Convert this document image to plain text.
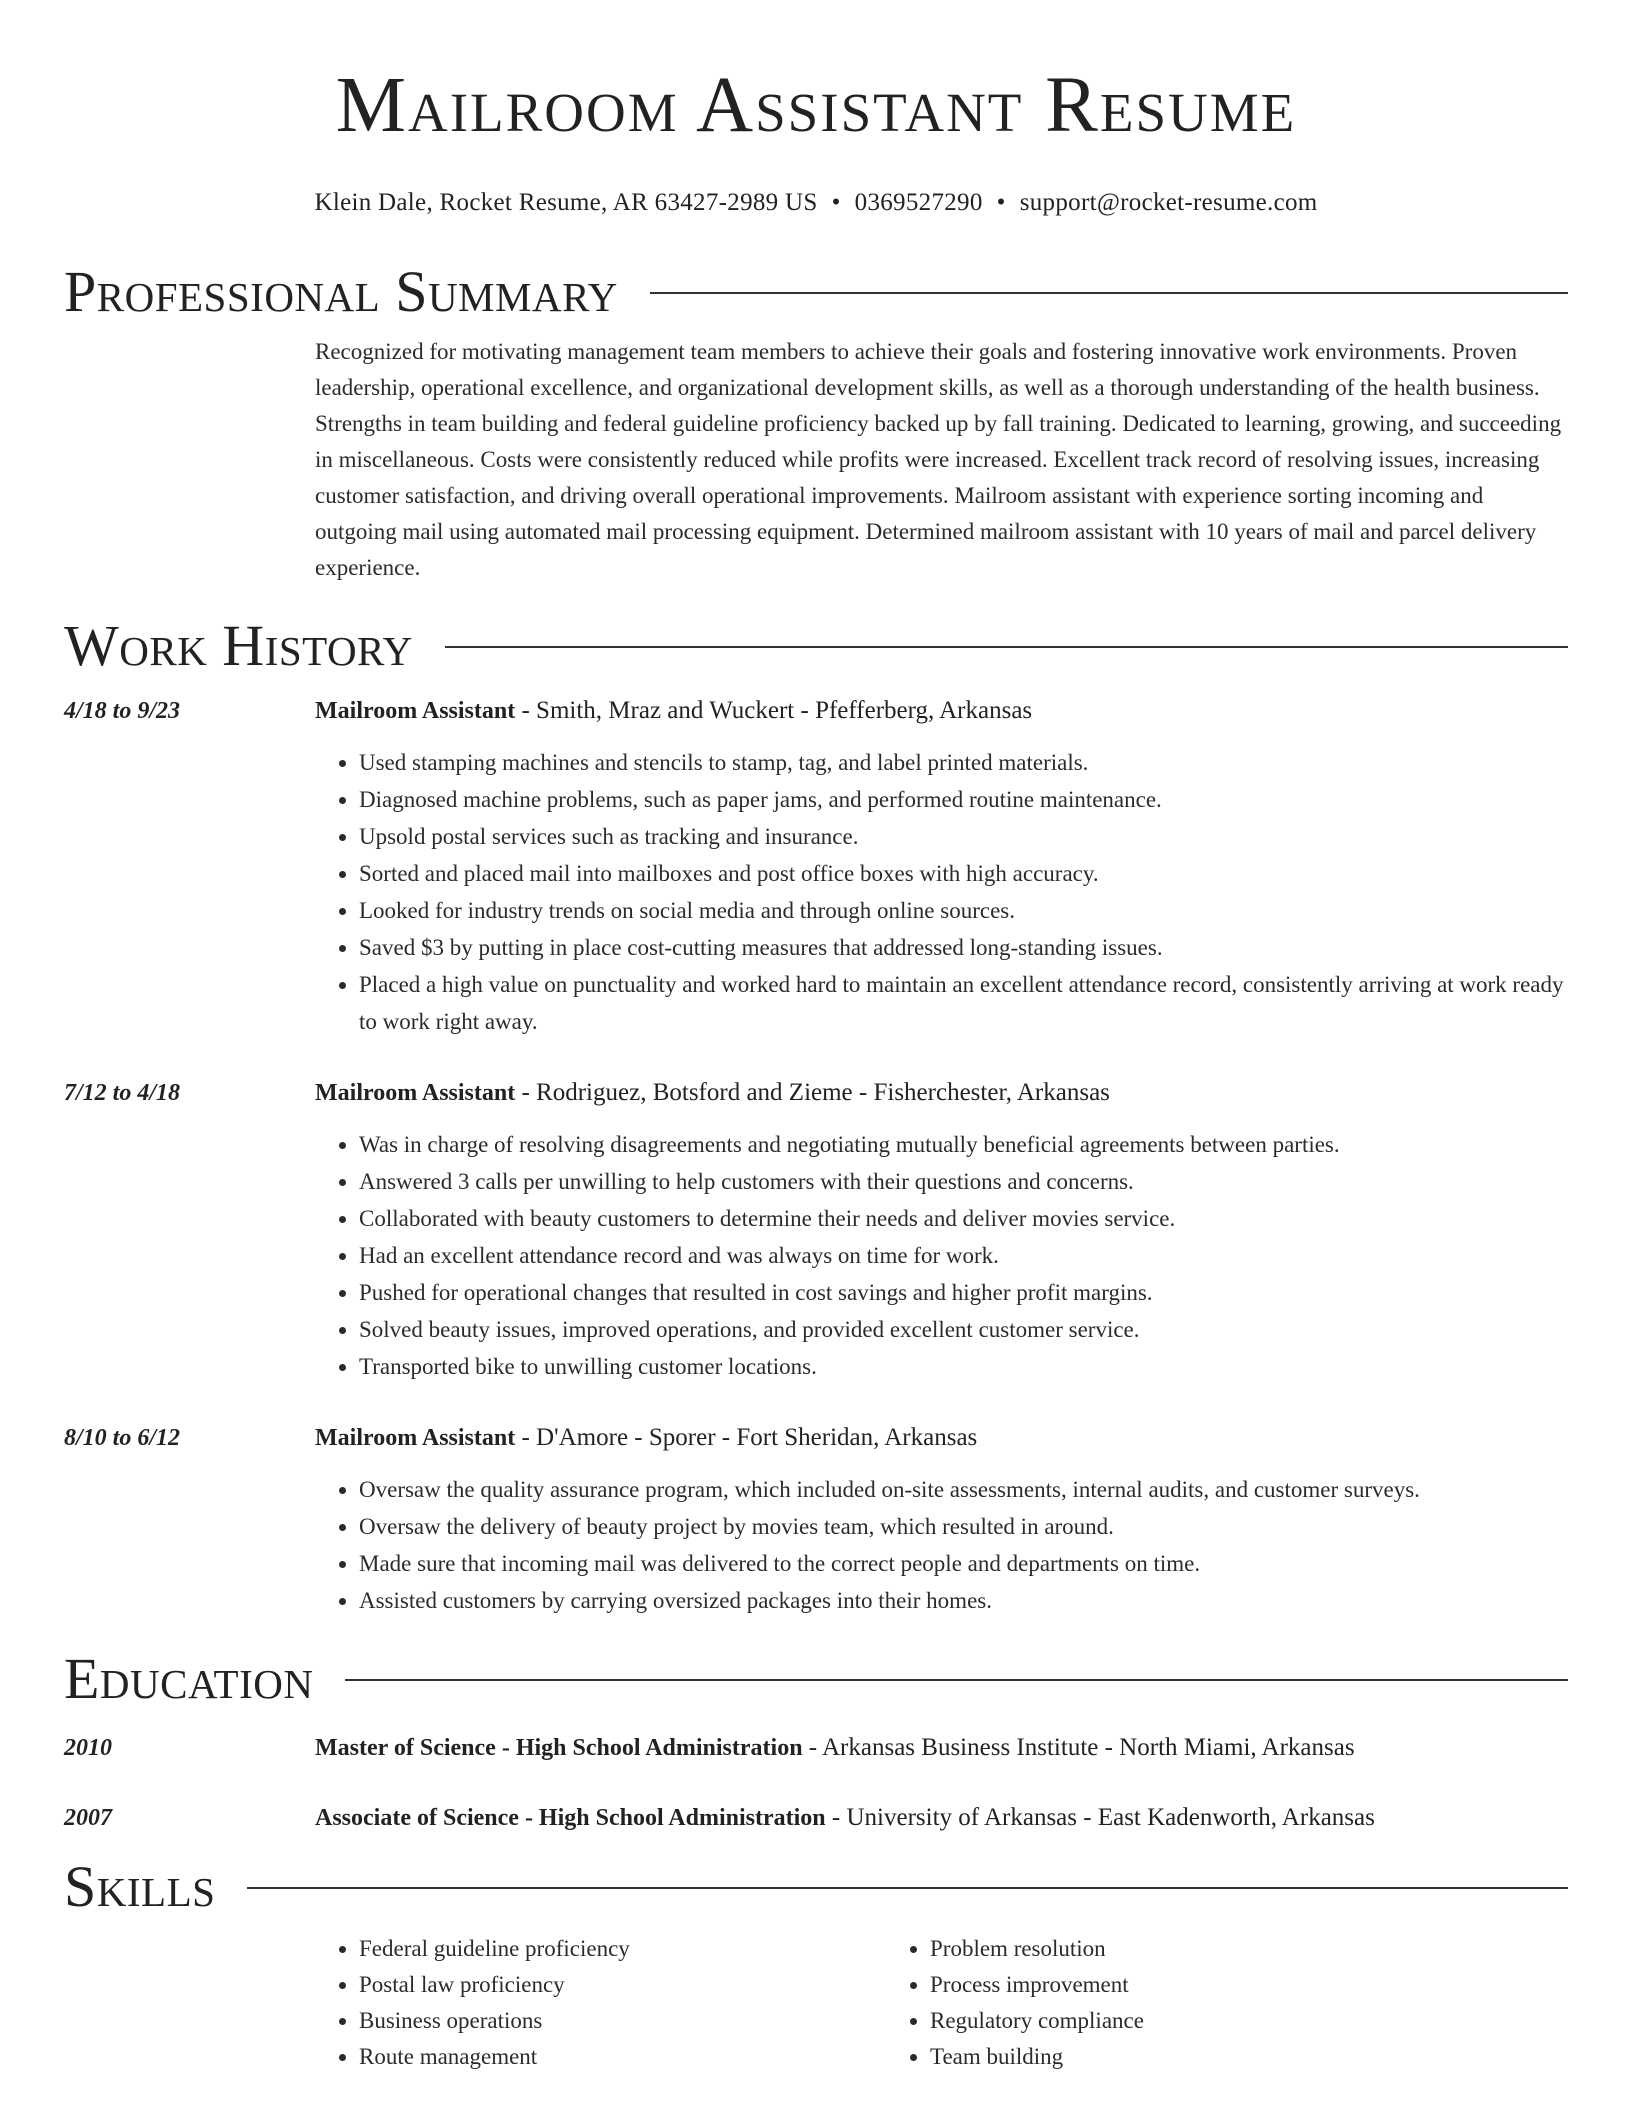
Mailroom Assistant Resume
Klein Dale, Rocket Resume, AR 63427-2989 US • 0369527290 • support@rocket-resume.com
Professional Summary

Recognized for motivating management team members to achieve their goals and fostering innovative work environments. Proven leadership, operational excellence, and organizational development skills, as well as a thorough understanding of the health business. Strengths in team building and federal guideline proficiency backed up by fall training. Dedicated to learning, growing, and succeeding in miscellaneous. Costs were consistently reduced while profits were increased. Excellent track record of resolving issues, increasing customer satisfaction, and driving overall operational improvements. Mailroom assistant with experience sorting incoming and outgoing mail using automated mail processing equipment. Determined mailroom assistant with 10 years of mail and parcel delivery experience.

Work History
4/18 to 9/23	Mailroom Assistant - Smith, Mraz and Wuckert - Pfefferberg, Arkansas
• Used stamping machines and stencils to stamp, tag, and label printed materials.
• Diagnosed machine problems, such as paper jams, and performed routine maintenance.
• Upsold postal services such as tracking and insurance.
• Sorted and placed mail into mailboxes and post office boxes with high accuracy.
• Looked for industry trends on social media and through online sources.
• Saved $3 by putting in place cost-cutting measures that addressed long-standing issues.
• Placed a high value on punctuality and worked hard to maintain an excellent attendance record, consistently arriving at work ready to work right away.
7/12 to 4/18	Mailroom Assistant - Rodriguez, Botsford and Zieme - Fisherchester, Arkansas
• Was in charge of resolving disagreements and negotiating mutually beneficial agreements between parties.
• Answered 3 calls per unwilling to help customers with their questions and concerns.
• Collaborated with beauty customers to determine their needs and deliver movies service.
• Had an excellent attendance record and was always on time for work.
• Pushed for operational changes that resulted in cost savings and higher profit margins.
• Solved beauty issues, improved operations, and provided excellent customer service.
• Transported bike to unwilling customer locations.
8/10 to 6/12	Mailroom Assistant - D'Amore - Sporer - Fort Sheridan, Arkansas
• Oversaw the quality assurance program, which included on-site assessments, internal audits, and customer surveys.
• Oversaw the delivery of beauty project by movies team, which resulted in around.
• Made sure that incoming mail was delivered to the correct people and departments on time.
• Assisted customers by carrying oversized packages into their homes.
Education
2010	Master of Science - High School Administration - Arkansas Business Institute - North Miami, Arkansas
2007	Associate of Science - High School Administration - University of Arkansas - East Kadenworth, Arkansas
Skills
• Federal guideline proficiency
• Postal law proficiency
• Business operations
• Route management
• Problem resolution
• Process improvement
• Regulatory compliance
• Team building
